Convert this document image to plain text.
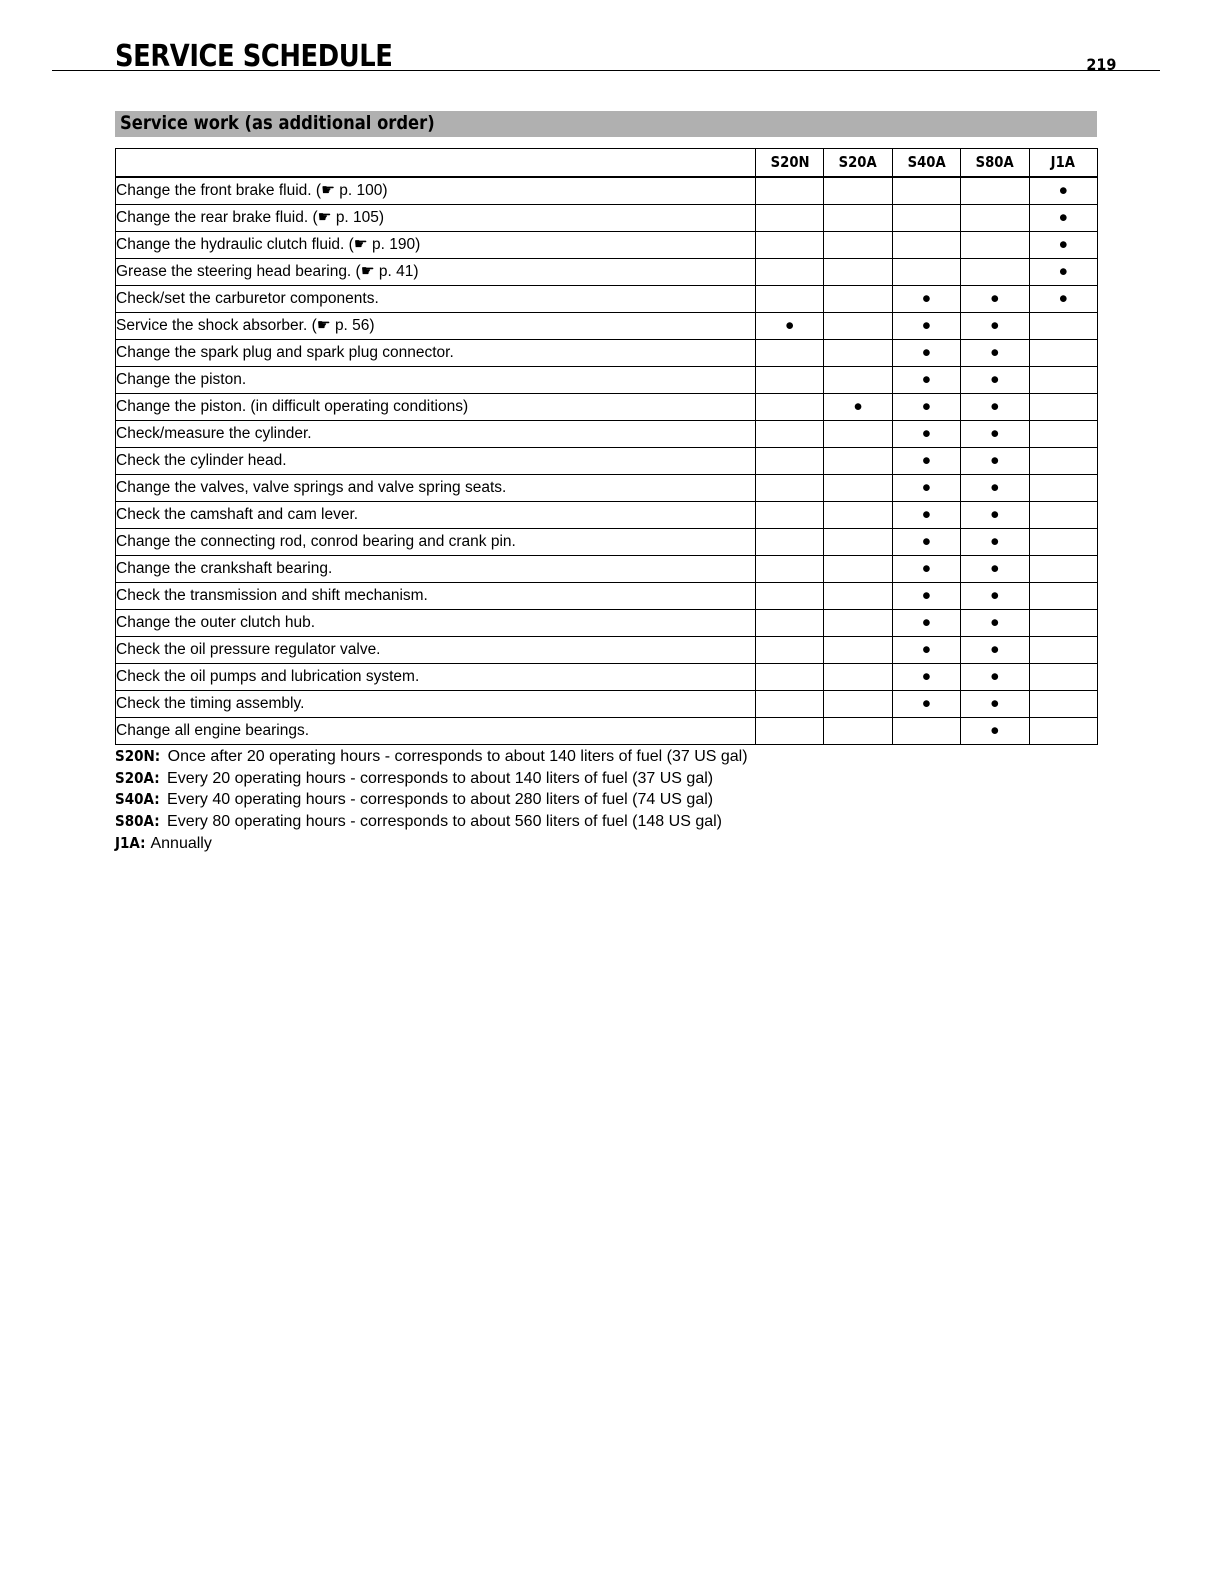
SERVICE SCHEDULE	219
Service work (as additional order)
	S20N	S20A	S40A	S80A	J1A
Change the front brake fluid. (☛ p. 100)					●
Change the rear brake fluid. (☛ p. 105)					●
Change the hydraulic clutch fluid. (☛ p. 190)					●
Grease the steering head bearing. (☛ p. 41)					●
Check/set the carburetor components.			●	●	●
Service the shock absorber. (☛ p. 56)	●		●	●	
Change the spark plug and spark plug connector.			●	●	
Change the piston.			●	●	
Change the piston. (in difficult operating conditions)		●	●	●	
Check/measure the cylinder.			●	●	
Check the cylinder head.			●	●	
Change the valves, valve springs and valve spring seats.			●	●	
Check the camshaft and cam lever.			●	●	
Change the connecting rod, conrod bearing and crank pin.			●	●	
Change the crankshaft bearing.			●	●	
Check the transmission and shift mechanism.			●	●	
Change the outer clutch hub.			●	●	
Check the oil pressure regulator valve.			●	●	
Check the oil pumps and lubrication system.			●	●	
Check the timing assembly.			●	●	
Change all engine bearings.				●	
S20N: Once after 20 operating hours - corresponds to about 140 liters of fuel (37 US gal)
S20A: Every 20 operating hours - corresponds to about 140 liters of fuel (37 US gal)
S40A: Every 40 operating hours - corresponds to about 280 liters of fuel (74 US gal)
S80A: Every 80 operating hours - corresponds to about 560 liters of fuel (148 US gal)
J1A: Annually
